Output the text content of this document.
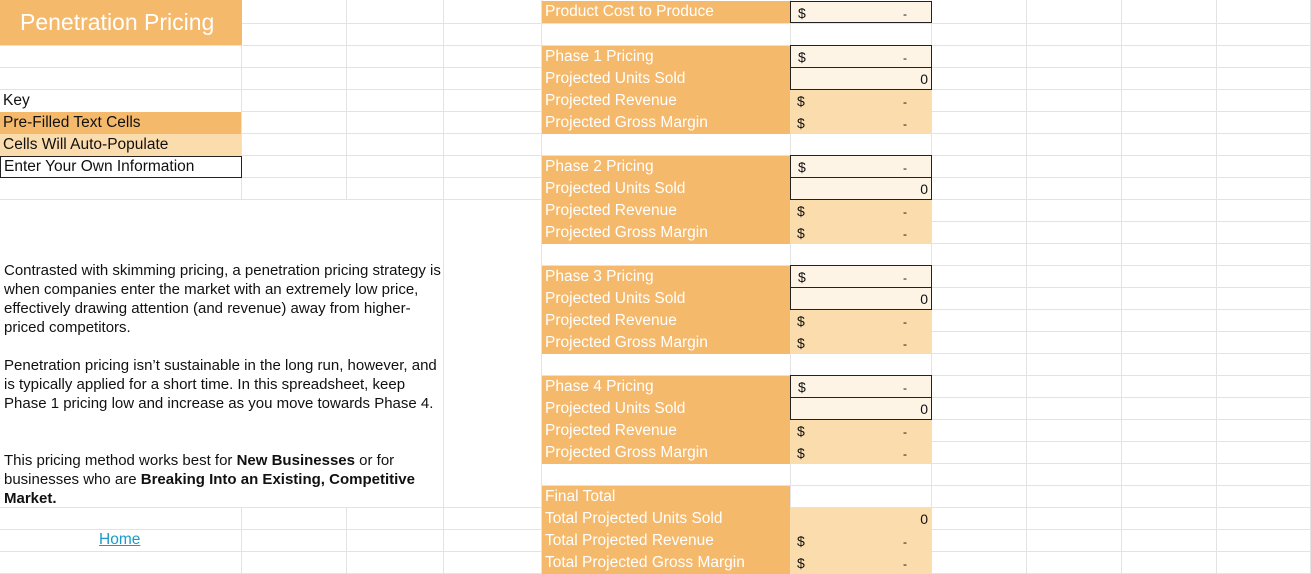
Penetration Pricing
Key
Pre-Filled Text Cells
Cells Will Auto-Populate
Enter Your Own Information
Contrasted with skimming pricing, a penetration pricing strategy is when companies enter the market with an extremely low price, effectively drawing attention (and revenue) away from higher-priced competitors.
Penetration pricing isn’t sustainable in the long run, however, and is typically applied for a short time. In this spreadsheet, keep Phase 1 pricing low and increase as you move towards Phase 4.
This pricing method works best for New Businesses or for businesses who are Breaking Into an Existing, Competitive Market.
Home
Product Cost to Produce	$	-
Phase 1 Pricing	$	-
Projected Units Sold	0
Projected Revenue	$	-
Projected Gross Margin	$	-
Phase 2 Pricing	$	-
Projected Units Sold	0
Projected Revenue	$	-
Projected Gross Margin	$	-
Phase 3 Pricing	$	-
Projected Units Sold	0
Projected Revenue	$	-
Projected Gross Margin	$	-
Phase 4 Pricing	$	-
Projected Units Sold	0
Projected Revenue	$	-
Projected Gross Margin	$	-
Final Total
Total Projected Units Sold	0
Total Projected Revenue	$	-
Total Projected Gross Margin	$	-
